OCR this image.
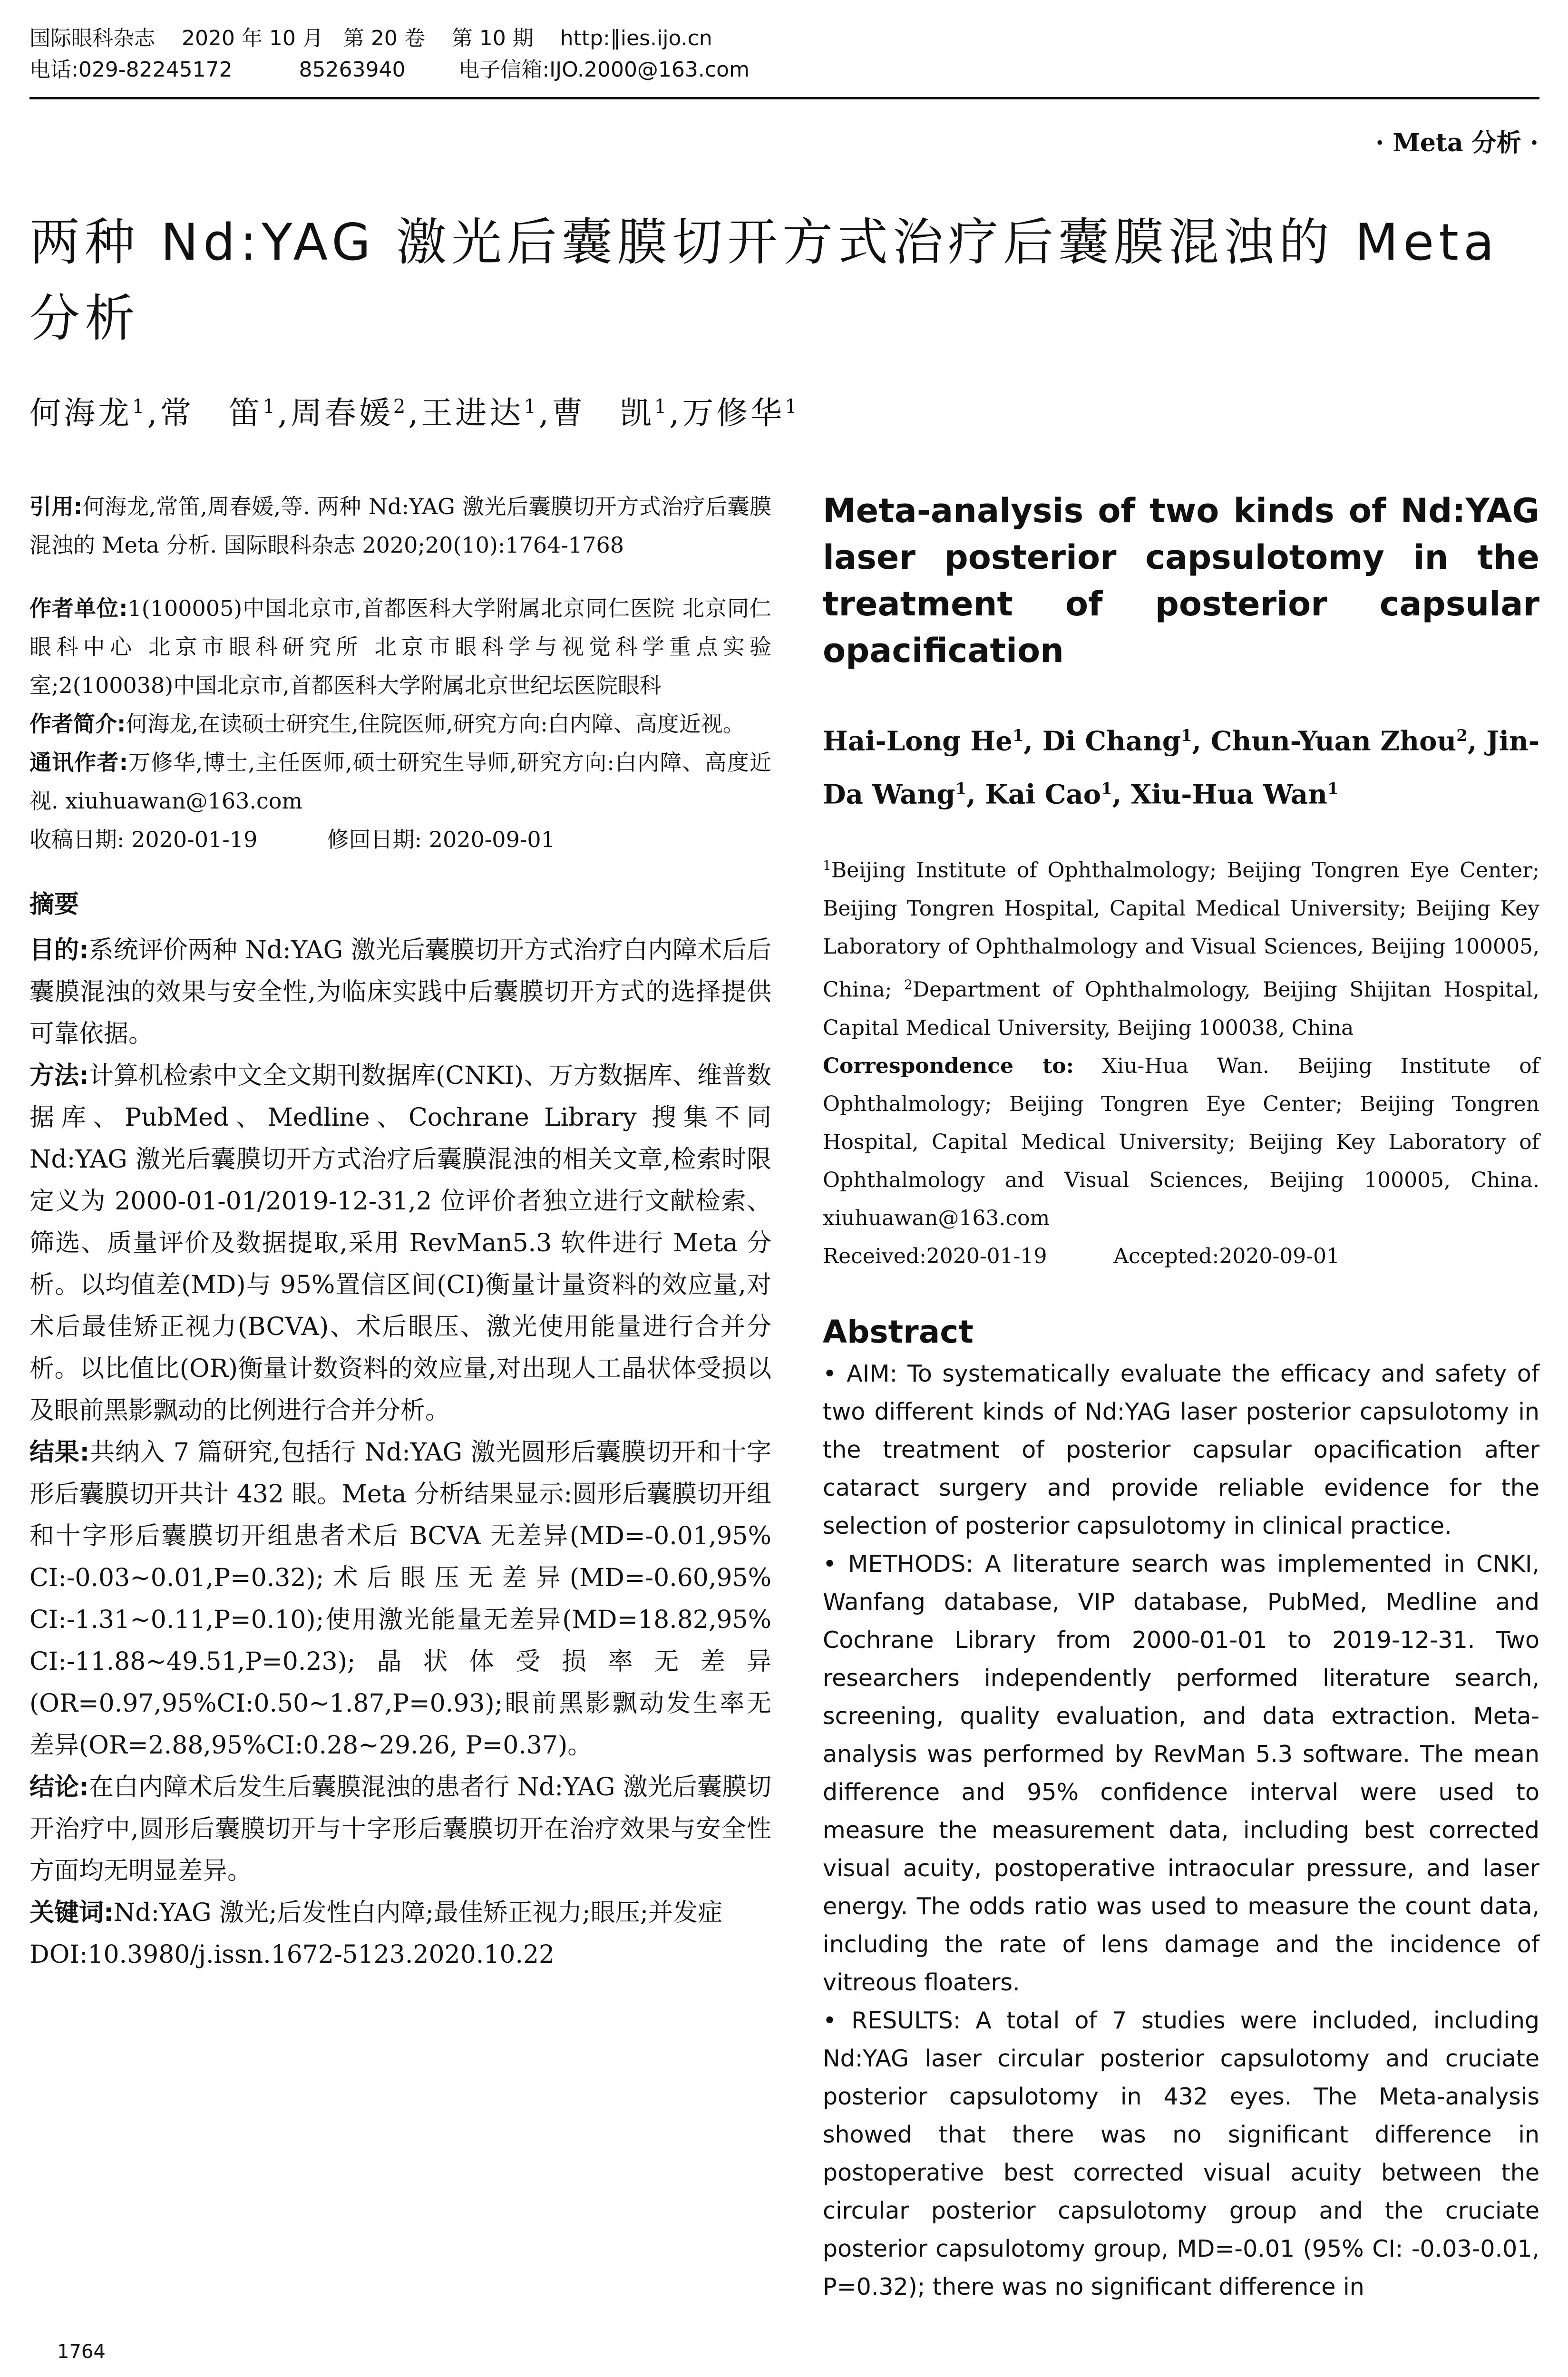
国际眼科杂志    2020 年 10 月   第 20 卷    第 10 期    http:∥ies.ijo.cn
电话:029-82245172          85263940        电子信箱:IJO.2000@163.com
· Meta 分析 ·
两种 Nd:YAG 激光后囊膜切开方式治疗后囊膜混浊的 Meta 分析
何海龙$^1$,常　笛$^1$,周春媛$^2$,王进达$^1$,曹　凯$^1$,万修华$^1$

引用:何海龙,常笛,周春媛,等. 两种 Nd:YAG 激光后囊膜切开方式治疗后囊膜混浊的 Meta 分析. 国际眼科杂志 2020;20(10):1764-1768

作者单位:1(100005)中国北京市,首都医科大学附属北京同仁医院 北京同仁眼科中心 北京市眼科研究所 北京市眼科学与视觉科学重点实验室;2(100038)中国北京市,首都医科大学附属北京世纪坛医院眼科

作者简介:何海龙,在读硕士研究生,住院医师,研究方向:白内障、高度近视。

通讯作者:万修华,博士,主任医师,硕士研究生导师,研究方向:白内障、高度近视. xiuhuawan@163.com

收稿日期: 2020-01-19	修回日期: 2020-09-01

摘要

目的:系统评价两种 Nd:YAG 激光后囊膜切开方式治疗白内障术后后囊膜混浊的效果与安全性,为临床实践中后囊膜切开方式的选择提供可靠依据。

方法:计算机检索中文全文期刊数据库(CNKI)、万方数据库、维普数据库、PubMed、Medline、Cochrane Library 搜集不同 Nd:YAG 激光后囊膜切开方式治疗后囊膜混浊的相关文章,检索时限定义为 2000-01-01/2019-12-31,2 位评价者独立进行文献检索、筛选、质量评价及数据提取,采用 RevMan5.3 软件进行 Meta 分析。以均值差(MD)与 95%置信区间(CI)衡量计量资料的效应量,对术后最佳矫正视力(BCVA)、术后眼压、激光使用能量进行合并分析。以比值比(OR)衡量计数资料的效应量,对出现人工晶状体受损以及眼前黑影飘动的比例进行合并分析。

结果:共纳入 7 篇研究,包括行 Nd:YAG 激光圆形后囊膜切开和十字形后囊膜切开共计 432 眼。Meta 分析结果显示:圆形后囊膜切开组和十字形后囊膜切开组患者术后 BCVA 无差异(MD=-0.01,95% CI:-0.03~0.01,P=0.32);术后眼压无差异(MD=-0.60,95% CI:-1.31~0.11,P=0.10);使用激光能量无差异(MD=18.82,95% CI:-11.88~49.51,P=0.23);晶状体受损率无差异(OR=0.97,95%CI:0.50~1.87,P=0.93);眼前黑影飘动发生率无差异(OR=2.88,95%CI:0.28~29.26, P=0.37)。

结论:在白内障术后发生后囊膜混浊的患者行 Nd:YAG 激光后囊膜切开治疗中,圆形后囊膜切开与十字形后囊膜切开在治疗效果与安全性方面均无明显差异。

关键词:Nd:YAG 激光;后发性白内障;最佳矫正视力;眼压;并发症

DOI:10.3980/j.issn.1672-5123.2020.10.22

Meta-analysis of two kinds of Nd:YAG laser posterior capsulotomy in the treatment of posterior capsular opacification

Hai-Long He$^1$, Di Chang$^1$, Chun-Yuan Zhou$^2$, Jin-Da Wang$^1$, Kai Cao$^1$, Xiu-Hua Wan$^1$

$^1$Beijing Institute of Ophthalmology; Beijing Tongren Eye Center; Beijing Tongren Hospital, Capital Medical University; Beijing Key Laboratory of Ophthalmology and Visual Sciences, Beijing 100005, China; $^2$Department of Ophthalmology, Beijing Shijitan Hospital, Capital Medical University, Beijing 100038, China

Correspondence to: Xiu-Hua Wan. Beijing Institute of Ophthalmology; Beijing Tongren Eye Center; Beijing Tongren Hospital, Capital Medical University; Beijing Key Laboratory of Ophthalmology and Visual Sciences, Beijing 100005, China. xiuhuawan@163.com

Received:2020-01-19	Accepted:2020-09-01

Abstract

• AIM: To systematically evaluate the efficacy and safety of two different kinds of Nd:YAG laser posterior capsulotomy in the treatment of posterior capsular opacification after cataract surgery and provide reliable evidence for the selection of posterior capsulotomy in clinical practice.

• METHODS: A literature search was implemented in CNKI, Wanfang database, VIP database, PubMed, Medline and Cochrane Library from 2000-01-01 to 2019-12-31. Two researchers independently performed literature search, screening, quality evaluation, and data extraction. Meta-analysis was performed by RevMan 5.3 software. The mean difference and 95% confidence interval were used to measure the measurement data, including best corrected visual acuity, postoperative intraocular pressure, and laser energy. The odds ratio was used to measure the count data, including the rate of lens damage and the incidence of vitreous floaters.

• RESULTS: A total of 7 studies were included, including Nd:YAG laser circular posterior capsulotomy and cruciate posterior capsulotomy in 432 eyes. The Meta-analysis showed that there was no significant difference in postoperative best corrected visual acuity between the circular posterior capsulotomy group and the cruciate posterior capsulotomy group, MD=-0.01 (95% CI: -0.03-0.01, P=0.32); there was no significant difference in

1764
